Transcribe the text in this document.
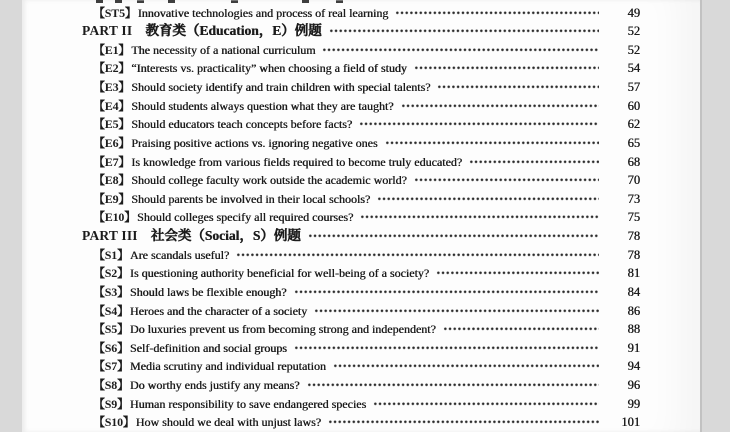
【ST5】 Innovative technologies and process of real learning	49
PART II 教育类（Education，E）例题	52
【E1】 The necessity of a national curriculum	52
【E2】 “Interests vs. practicality” when choosing a field of study	54
【E3】 Should society identify and train children with special talents?	57
【E4】 Should students always question what they are taught?	60
【E5】 Should educators teach concepts before facts?	62
【E6】 Praising positive actions vs. ignoring negative ones	65
【E7】 Is knowledge from various fields required to become truly educated?	68
【E8】 Should college faculty work outside the academic world?	70
【E9】 Should parents be involved in their local schools?	73
【E10】 Should colleges specify all required courses?	75
PART III 社会类（Social，S）例题	78
【S1】 Are scandals useful?	78
【S2】 Is questioning authority beneficial for well-being of a society?	81
【S3】 Should laws be flexible enough?	84
【S4】 Heroes and the character of a society	86
【S5】 Do luxuries prevent us from becoming strong and independent?	88
【S6】 Self-definition and social groups	91
【S7】 Media scrutiny and individual reputation	94
【S8】 Do worthy ends justify any means?	96
【S9】 Human responsibility to save endangered species	99
【S10】 How should we deal with unjust laws?	101
